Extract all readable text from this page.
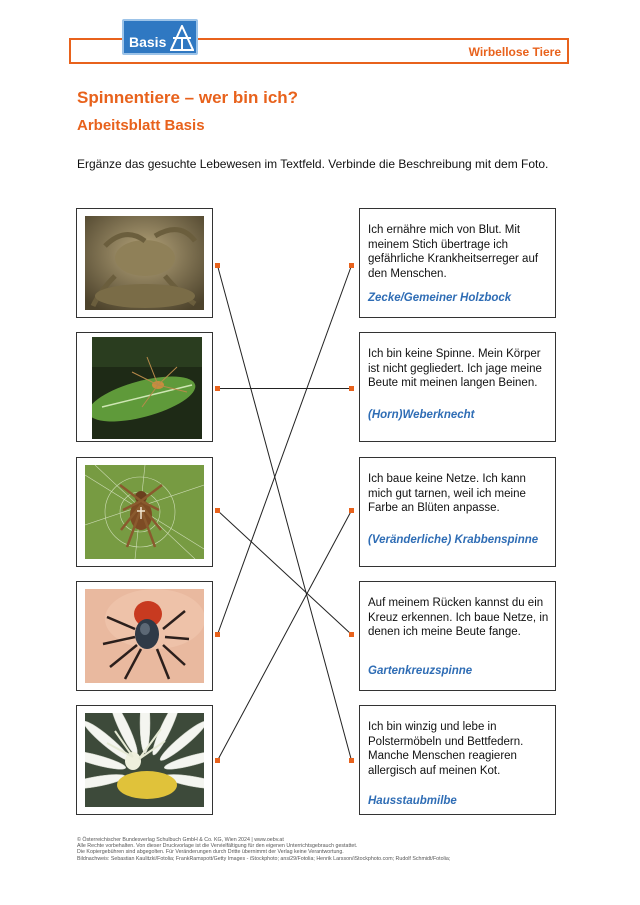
Wirbellose Tiere
Basis
Spinnentiere – wer bin ich?
Arbeitsblatt Basis
Ergänze das gesuchte Lebewesen im Textfeld. Verbinde die Beschreibung mit dem Foto.
Ich ernähre mich von Blut. Mit meinem Stich übertrage ich gefährliche Krankheitserreger auf den Menschen.
Zecke/Gemeiner Holzbock
Ich bin keine Spinne. Mein Körper ist nicht gegliedert. Ich jage meine Beute mit meinen langen Beinen.
(Horn)Weberknecht
Ich baue keine Netze. Ich kann mich gut tarnen, weil ich meine Farbe an Blüten anpasse.
(Veränderliche) Krabbenspinne
Auf meinem Rücken kannst du ein Kreuz erkennen. Ich baue Netze, in denen ich meine Beute fange.
Gartenkreuzspinne
Ich bin winzig und lebe in Polstermöbeln und Bettfedern. Manche Menschen reagieren allergisch auf meinen Kot.
Hausstaubmilbe
© Österreichischer Bundesverlag Schulbuch GmbH & Co. KG, Wien 2024 | www.oebv.at
Alle Rechte vorbehalten. Von dieser Druckvorlage ist die Vervielfältigung für den eigenen Unterrichtsgebrauch gestattet.
Die Kopiergebühren sind abgegolten. Für Veränderungen durch Dritte übernimmt der Verlag keine Verantwortung.
Bildnachweis: Sebastian Kaulitzki/Fotolia; FrankRamspott/Getty Images - iStockphoto; ansi29/Fotolia; Henrik Larsson/iStockphoto.com; Rudolf Schmidt/Fotolia;
